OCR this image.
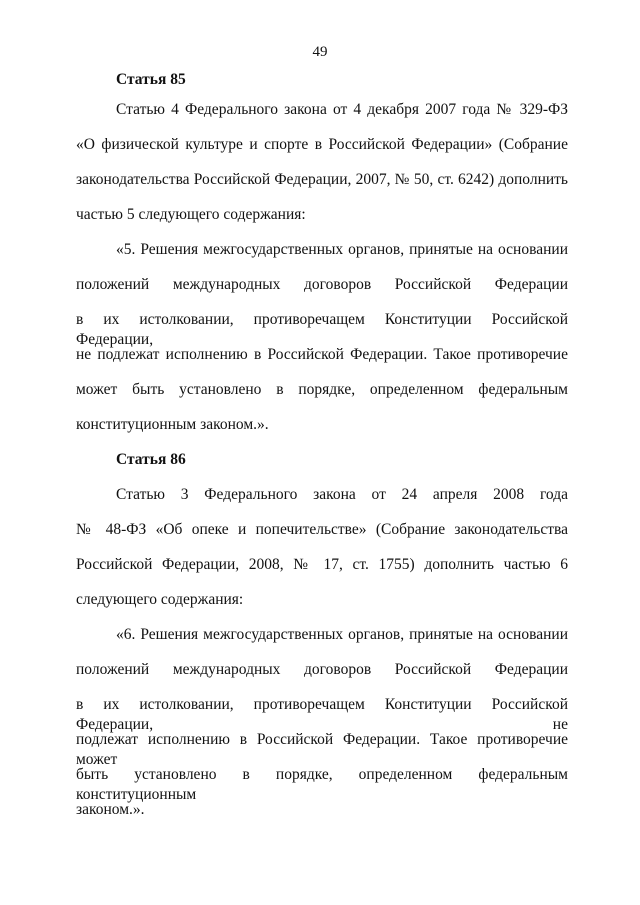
49
Статья 85
Статью 4 Федерального закона от 4 декабря 2007 года № 329-ФЗ
«О физической культуре и спорте в Российской Федерации» (Собрание
законодательства Российской Федерации, 2007, № 50, ст. 6242) дополнить
частью 5 следующего содержания:
«5. Решения межгосударственных органов, принятые на основании
положений международных договоров Российской Федерации
в их истолковании, противоречащем Конституции Российской Федерации,
не подлежат исполнению в Российской Федерации. Такое противоречие
может быть установлено в порядке, определенном федеральным
конституционным законом.».
Статья 86
Статью 3 Федерального закона от 24 апреля 2008 года
№ 48-ФЗ «Об опеке и попечительстве» (Собрание законодательства
Российской Федерации, 2008, № 17, ст. 1755) дополнить частью 6
следующего содержания:
«6. Решения межгосударственных органов, принятые на основании
положений международных договоров Российской Федерации
в их истолковании, противоречащем Конституции Российской Федерации, не
подлежат исполнению в Российской Федерации. Такое противоречие может
быть установлено в порядке, определенном федеральным конституционным
законом.».
